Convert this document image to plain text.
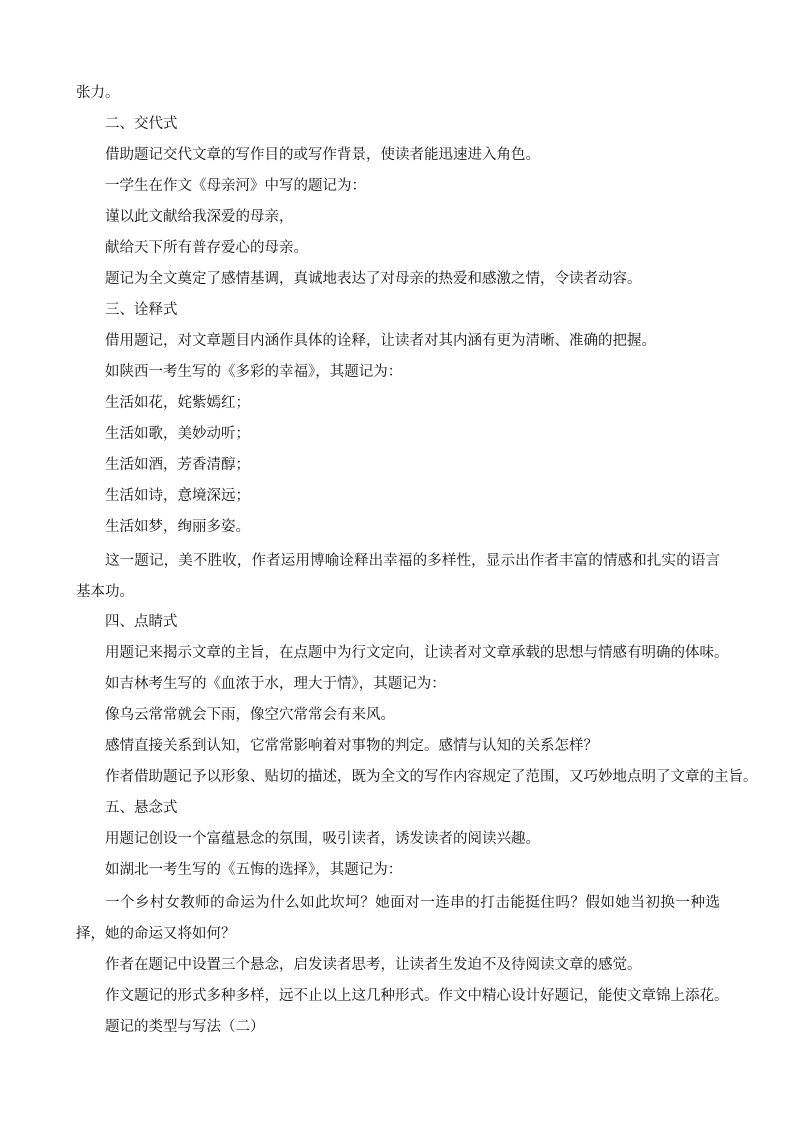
张力。

二、交代式

借助题记交代文章的写作目的或写作背景，使读者能迅速进入角色。

一学生在作文《母亲河》中写的题记为：

谨以此文献给我深爱的母亲，

献给天下所有普存爱心的母亲。

题记为全文奠定了感情基调，真诚地表达了对母亲的热爱和感激之情，令读者动容。

三、诠释式

借用题记，对文章题目内涵作具体的诠释，让读者对其内涵有更为清晰、准确的把握。

如陕西一考生写的《多彩的幸福》，其题记为：

生活如花，姹紫嫣红；

生活如歌，美妙动听；

生活如酒，芳香清醇；

生活如诗，意境深远；

生活如梦，绚丽多姿。

这一题记，美不胜收，作者运用博喻诠释出幸福的多样性，显示出作者丰富的情感和扎实的语言基本功。

四、点睛式

用题记来揭示文章的主旨，在点题中为行文定向，让读者对文章承载的思想与情感有明确的体味。

如吉林考生写的《血浓于水，理大于情》，其题记为：

像乌云常常就会下雨，像空穴常常会有来风。

感情直接关系到认知，它常常影响着对事物的判定。感情与认知的关系怎样？

作者借助题记予以形象、贴切的描述，既为全文的写作内容规定了范围，又巧妙地点明了文章的主旨。

五、悬念式

用题记创设一个富蕴悬念的氛围，吸引读者，诱发读者的阅读兴趣。

如湖北一考生写的《五悔的选择》，其题记为：

一个乡村女教师的命运为什么如此坎坷？她面对一连串的打击能挺住吗？假如她当初换一种选择，她的命运又将如何？

作者在题记中设置三个悬念，启发读者思考，让读者生发迫不及待阅读文章的感觉。

作文题记的形式多种多样，远不止以上这几种形式。作文中精心设计好题记，能使文章锦上添花。

题记的类型与写法（二）
